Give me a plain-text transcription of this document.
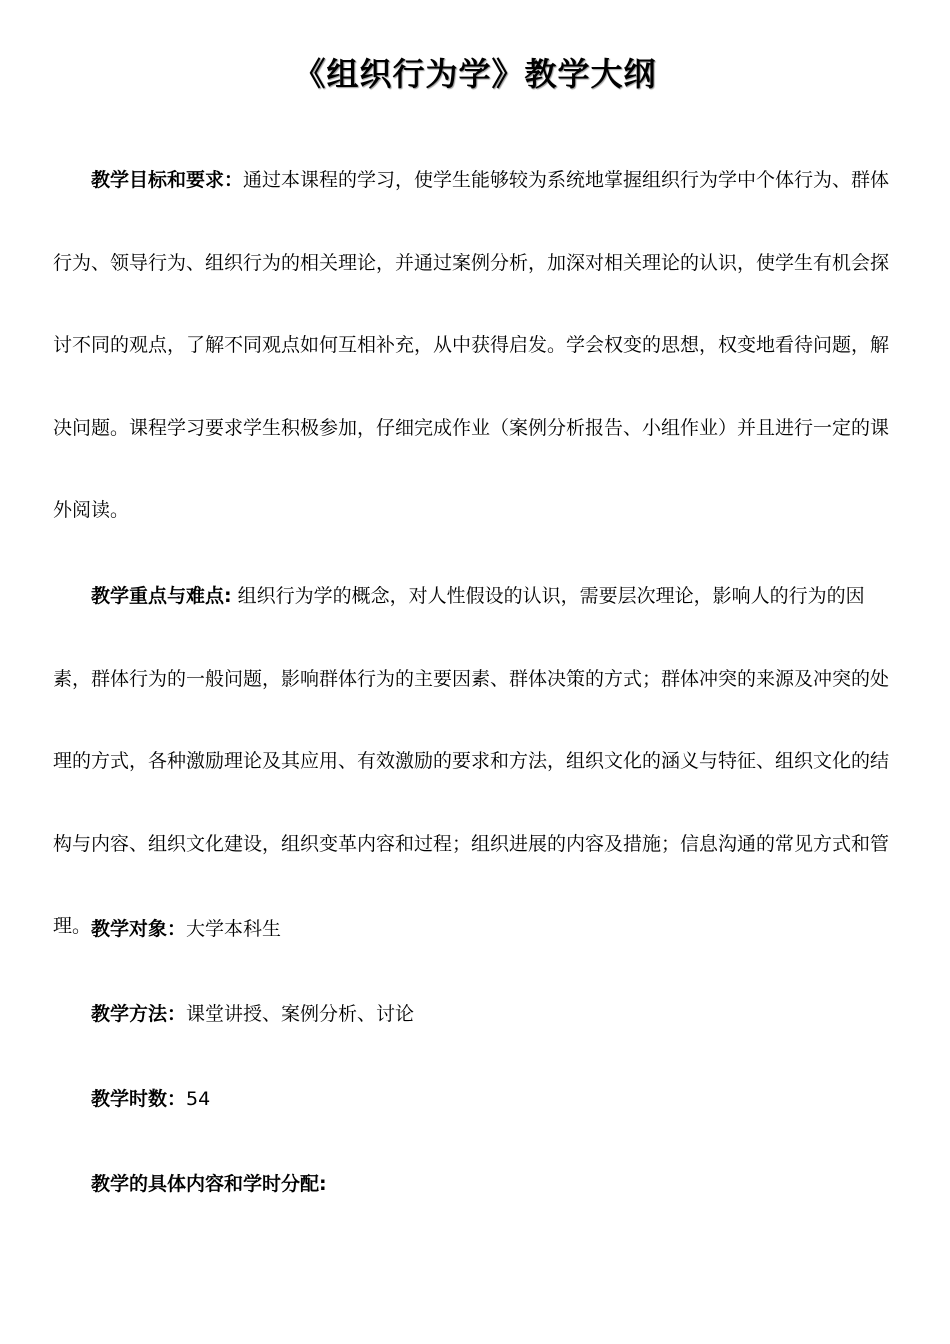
《组织行为学》教学大纲
教学目标和要求：通过本课程的学习，使学生能够较为系统地掌握组织行为学中个体行为、群体行为、领导行为、组织行为的相关理论，并通过案例分析，加深对相关理论的认识，使学生有机会探讨不同的观点，了解不同观点如何互相补充，从中获得启发。学会权变的思想，权变地看待问题，解决问题。课程学习要求学生积极参加，仔细完成作业（案例分析报告、小组作业）并且进行一定的课外阅读。
教学重点与难点: 组织行为学的概念，对人性假设的认识，需要层次理论，影响人的行为的因素，群体行为的一般问题，影响群体行为的主要因素、群体决策的方式；群体冲突的来源及冲突的处理的方式，各种激励理论及其应用、有效激励的要求和方法，组织文化的涵义与特征、组织文化的结构与内容、组织文化建设，组织变革内容和过程；组织进展的内容及措施；信息沟通的常见方式和管理。 教学对象：大学本科生
教学方法：课堂讲授、案例分析、讨论
教学时数：54
教学的具体内容和学时分配:
